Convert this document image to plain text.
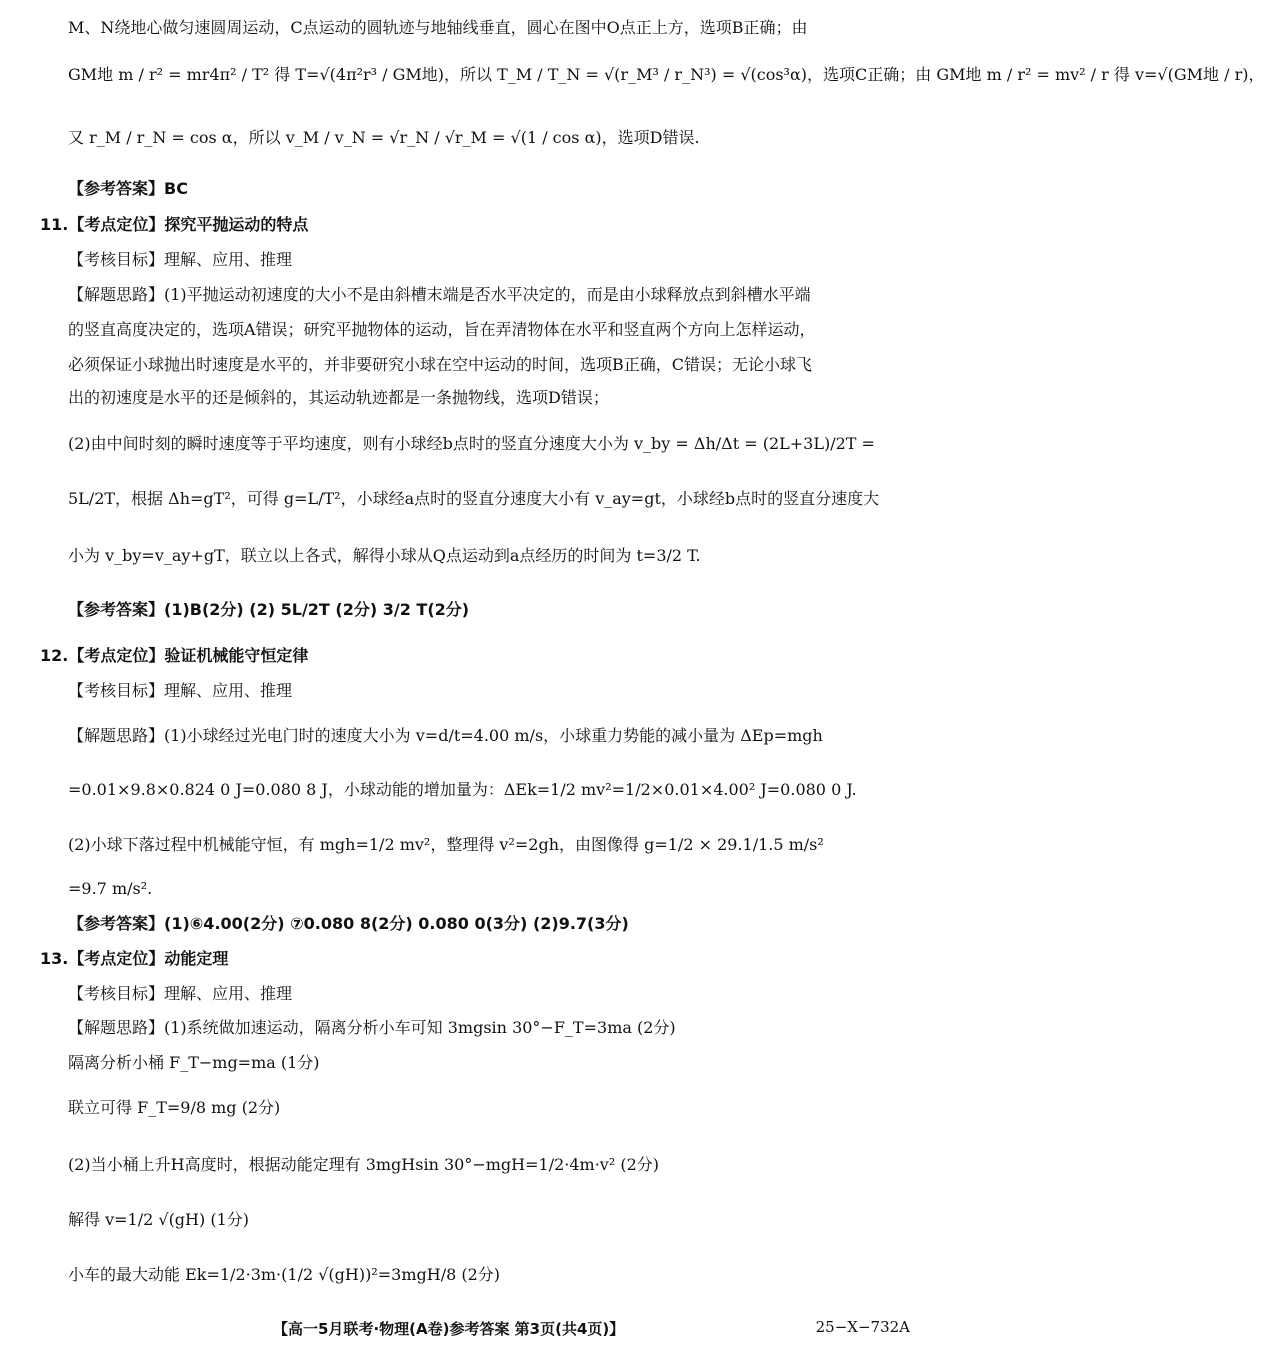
M、N绕地心做匀速圆周运动，C点运动的圆轨迹与地轴线垂直，圆心在图中O点正上方，选项B正确；由
GM地 m / r² = mr4π² / T² 得 T=√(4π²r³ / GM地)，所以 T_M / T_N = √(r_M³ / r_N³) = √(cos³α)，选项C正确；由 GM地 m / r² = mv² / r 得 v=√(GM地 / r)，
又 r_M / r_N = cos α，所以 v_M / v_N = √r_N / √r_M = √(1 / cos α)，选项D错误.
【参考答案】BC
11.【考点定位】探究平抛运动的特点
【考核目标】理解、应用、推理
【解题思路】(1)平抛运动初速度的大小不是由斜槽末端是否水平决定的，而是由小球释放点到斜槽水平端
的竖直高度决定的，选项A错误；研究平抛物体的运动，旨在弄清物体在水平和竖直两个方向上怎样运动，
必须保证小球抛出时速度是水平的，并非要研究小球在空中运动的时间，选项B正确，C错误；无论小球飞
出的初速度是水平的还是倾斜的，其运动轨迹都是一条抛物线，选项D错误；
(2)由中间时刻的瞬时速度等于平均速度，则有小球经b点时的竖直分速度大小为 v_by = Δh/Δt = (2L+3L)/2T =
5L/2T，根据 Δh=gT²，可得 g=L/T²，小球经a点时的竖直分速度大小有 v_ay=gt，小球经b点时的竖直分速度大
小为 v_by=v_ay+gT，联立以上各式，解得小球从Q点运动到a点经历的时间为 t=3/2 T.
【参考答案】(1)B(2分) (2) 5L/2T (2分) 3/2 T(2分)
12.【考点定位】验证机械能守恒定律
【考核目标】理解、应用、推理
【解题思路】(1)小球经过光电门时的速度大小为 v=d/t=4.00 m/s，小球重力势能的减小量为 ΔEp=mgh
=0.01×9.8×0.824 0 J=0.080 8 J，小球动能的增加量为：ΔEk=1/2 mv²=1/2×0.01×4.00² J=0.080 0 J.
(2)小球下落过程中机械能守恒，有 mgh=1/2 mv²，整理得 v²=2gh，由图像得 g=1/2 × 29.1/1.5 m/s²
=9.7 m/s².
【参考答案】(1)⑥4.00(2分) ⑦0.080 8(2分) 0.080 0(3分) (2)9.7(3分)
13.【考点定位】动能定理
【考核目标】理解、应用、推理
【解题思路】(1)系统做加速运动，隔离分析小车可知 3mgsin 30°−F_T=3ma (2分)
隔离分析小桶 F_T−mg=ma (1分)
联立可得 F_T=9/8 mg (2分)
(2)当小桶上升H高度时，根据动能定理有 3mgHsin 30°−mgH=1/2·4m·v² (2分)
解得 v=1/2 √(gH) (1分)
小车的最大动能 Ek=1/2·3m·(1/2 √(gH))²=3mgH/8 (2分)
【高一5月联考·物理(A卷)参考答案 第3页(共4页)】	25−X−732A
